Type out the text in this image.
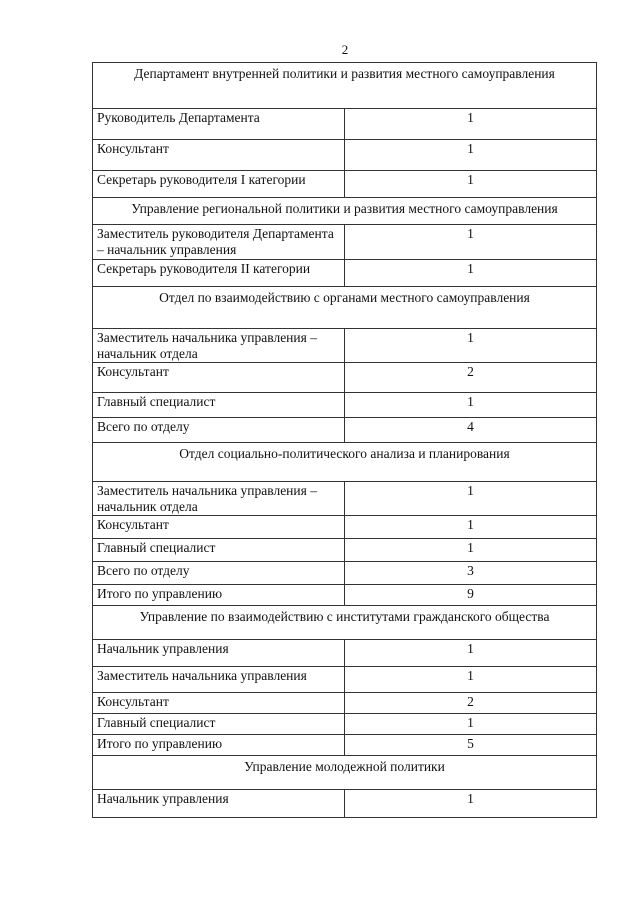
2
Департамент внутренней политики и развития местного самоуправления	
Руководитель Департамента	1
Консультант	1
Секретарь руководителя I категории	1
Управление региональной политики и развития местного самоуправления	
Заместитель руководителя Департамента – начальник управления	1
Секретарь руководителя II категории	1
Отдел по взаимодействию с органами местного самоуправления	
Заместитель начальника управления – начальник отдела	1
Консультант	2
Главный специалист	1
Всего по отделу	4
Отдел социально-политического анализа и планирования	
Заместитель начальника управления – начальник отдела	1
Консультант	1
Главный специалист	1
Всего по отделу	3
Итого по управлению	9
Управление по взаимодействию с институтами гражданского общества	
Начальник управления	1
Заместитель начальника управления	1
Консультант	2
Главный специалист	1
Итого по управлению	5
Управление молодежной политики	
Начальник управления	1
